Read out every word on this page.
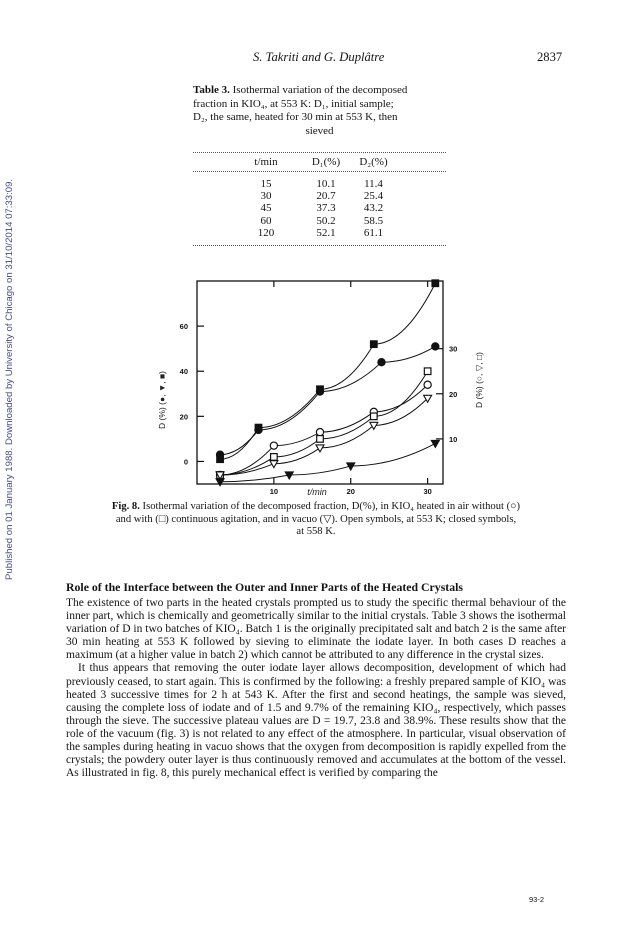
Published on 01 January 1988. Downloaded by University of Chicago on 31/10/2014 07:33:09.
S. Takriti and G. Duplâtre	2837
Table 3. Isothermal variation of the decomposed
fraction in KIO₄, at 553 K: D₁, initial sample;
D₂, the same, heated for 30 min at 553 K, then
sieved
t/min	D₁(%)	D₂(%)
15	10.1	11.4
30	20.7	25.4
45	37.3	43.2
60	50.2	58.5
120	52.1	61.1
10	20	30
0
20
40
60
10
20
30
D (%) (●, ▼, ■)	D (%) (○, ▽, □)
t/min
Fig. 8. Isothermal variation of the decomposed fraction, D(%), in KIO₄ heated in air without (○)
and with (□) continuous agitation, and in vacuo (▽). Open symbols, at 553 K; closed symbols,
at 558 K.
Role of the Interface between the Outer and Inner Parts of the Heated Crystals

The existence of two parts in the heated crystals prompted us to study the specific thermal behaviour of the inner part, which is chemically and geometrically similar to the initial crystals. Table 3 shows the isothermal variation of D in two batches of KIO₄. Batch 1 is the originally precipitated salt and batch 2 is the same after 30 min heating at 553 K followed by sieving to eliminate the iodate layer. In both cases D reaches a maximum (at a higher value in batch 2) which cannot be attributed to any difference in the crystal sizes.

It thus appears that removing the outer iodate layer allows decomposition, development of which had previously ceased, to start again. This is confirmed by the following: a freshly prepared sample of KIO₄ was heated 3 successive times for 2 h at 543 K. After the first and second heatings, the sample was sieved, causing the complete loss of iodate and of 1.5 and 9.7% of the remaining KIO₄, respectively, which passes through the sieve. The successive plateau values are D = 19.7, 23.8 and 38.9%. These results show that the role of the vacuum (fig. 3) is not related to any effect of the atmosphere. In particular, visual observation of the samples during heating in vacuo shows that the oxygen from decomposition is rapidly expelled from the crystals; the powdery outer layer is thus continuously removed and accumulates at the bottom of the vessel. As illustrated in fig. 8, this purely mechanical effect is verified by comparing the

93-2
